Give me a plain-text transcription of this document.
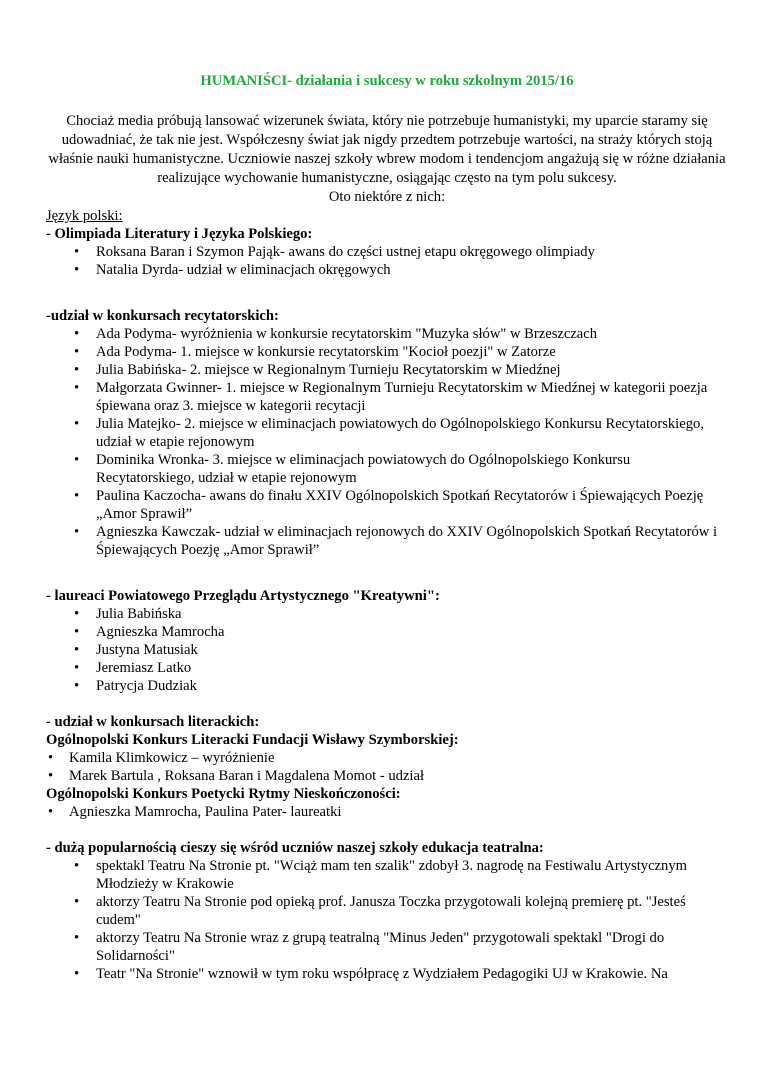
HUMANIŚCI- działania i sukcesy w roku szkolnym 2015/16
Chociaż media próbują lansować wizerunek świata, który nie potrzebuje humanistyki, my uparcie staramy się udowadniać, że tak nie jest. Współczesny świat jak nigdy przedtem potrzebuje wartości, na straży których stoją właśnie nauki humanistyczne. Uczniowie naszej szkoły wbrew modom i tendencjom angażują się w różne działania realizujące wychowanie humanistyczne, osiągając często na tym polu sukcesy.
Oto niektóre z nich:
Język polski:
- Olimpiada Literatury i Języka Polskiego:
• Roksana Baran i Szymon Pająk- awans do części ustnej etapu okręgowego olimpiady
• Natalia Dyrda- udział w eliminacjach okręgowych
-udział w konkursach recytatorskich:
• Ada Podyma- wyróżnienia w konkursie recytatorskim "Muzyka słów" w Brzeszczach
• Ada Podyma- 1. miejsce w konkursie recytatorskim "Kocioł poezji" w Zatorze
• Julia Babińska- 2. miejsce w Regionalnym Turnieju Recytatorskim w Miedźnej
• Małgorzata Gwinner- 1. miejsce w Regionalnym Turnieju Recytatorskim w Miedźnej w kategorii poezja śpiewana oraz 3. miejsce w kategorii recytacji
• Julia Matejko- 2. miejsce w eliminacjach powiatowych do Ogólnopolskiego Konkursu Recytatorskiego, udział w etapie rejonowym
• Dominika Wronka- 3. miejsce w eliminacjach powiatowych do Ogólnopolskiego Konkursu Recytatorskiego, udział w etapie rejonowym
• Paulina Kaczocha- awans do finału XXIV Ogólnopolskich Spotkań Recytatorów i Śpiewających Poezję „Amor Sprawił”
• Agnieszka Kawczak- udział w eliminacjach rejonowych do XXIV Ogólnopolskich Spotkań Recytatorów i Śpiewających Poezję „Amor Sprawił”
- laureaci Powiatowego Przeglądu Artystycznego "Kreatywni":
• Julia Babińska
• Agnieszka Mamrocha
• Justyna Matusiak
• Jeremiasz Latko
• Patrycja Dudziak
- udział w konkursach literackich:
Ogólnopolski Konkurs Literacki Fundacji Wisławy Szymborskiej:
• Kamila Klimkowicz – wyróżnienie
• Marek Bartula , Roksana Baran i Magdalena Momot - udział
Ogólnopolski Konkurs Poetycki Rytmy Nieskończoności:
• Agnieszka Mamrocha, Paulina Pater- laureatki
- dużą popularnością cieszy się wśród uczniów naszej szkoły edukacja teatralna:
• spektakl Teatru Na Stronie pt. "Wciąż mam ten szalik" zdobył 3. nagrodę na Festiwalu Artystycznym Młodzieży w Krakowie
• aktorzy Teatru Na Stronie pod opieką prof. Janusza Toczka przygotowali kolejną premierę pt. "Jesteś cudem"
• aktorzy Teatru Na Stronie wraz z grupą teatralną "Minus Jeden" przygotowali spektakl "Drogi do Solidarności"
• Teatr "Na Stronie" wznowił w tym roku współpracę z Wydziałem Pedagogiki UJ w Krakowie. Na
